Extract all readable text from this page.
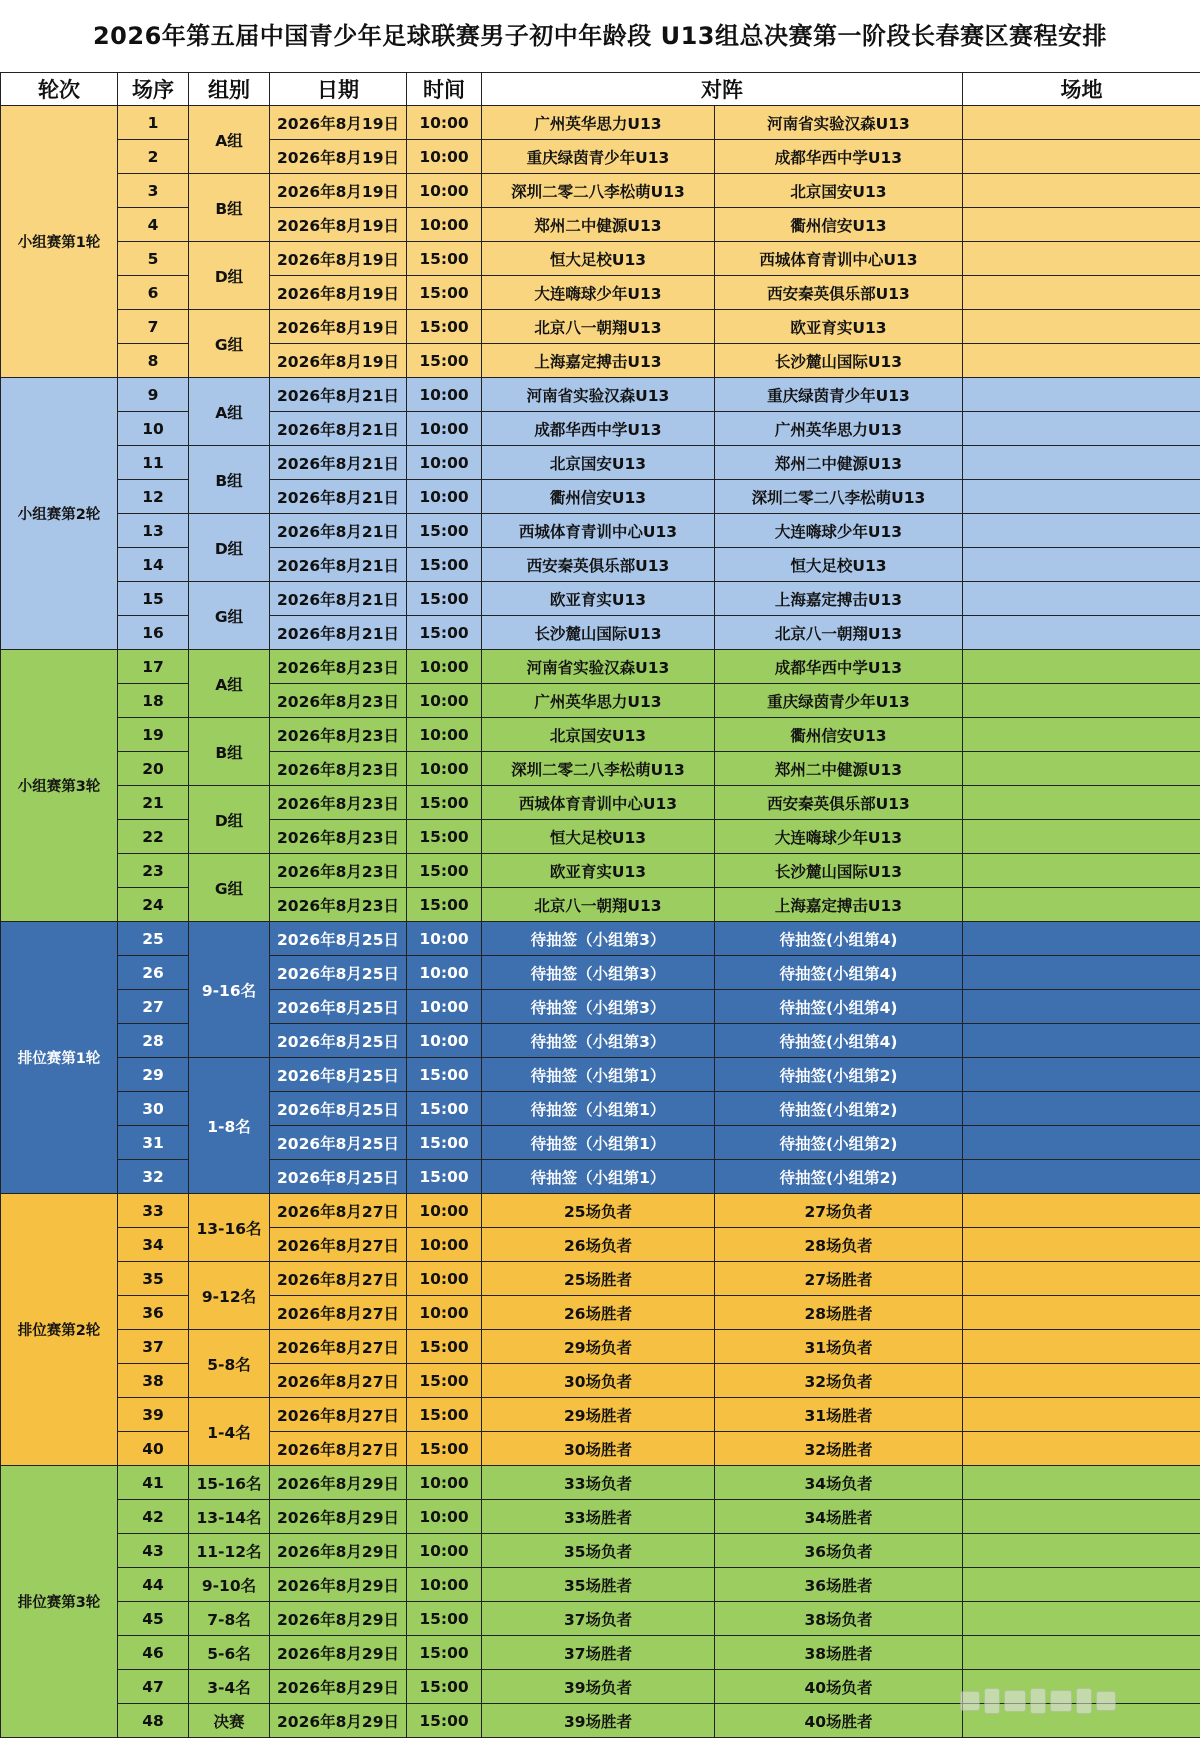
2026年第五届中国青少年足球联赛男子初中年龄段 U13组总决赛第一阶段长春赛区赛程安排
轮次	场序	组别	日期	时间	对阵		场地
小组赛第1轮	1	A组	2026年8月19日	10:00	广州英华思力U13	河南省实验汉森U13	
	2		2026年8月19日	10:00	重庆绿茵青少年U13	成都华西中学U13	
	3	B组	2026年8月19日	10:00	深圳二零二八李松萌U13	北京国安U13	
	4		2026年8月19日	10:00	郑州二中健源U13	衢州信安U13	
	5	D组	2026年8月19日	15:00	恒大足校U13	西城体育青训中心U13	
	6		2026年8月19日	15:00	大连嗨球少年U13	西安秦英俱乐部U13	
	7	G组	2026年8月19日	15:00	北京八一朝翔U13	欧亚育实U13	
	8		2026年8月19日	15:00	上海嘉定搏击U13	长沙麓山国际U13	
小组赛第2轮	9	A组	2026年8月21日	10:00	河南省实验汉森U13	重庆绿茵青少年U13	
	10		2026年8月21日	10:00	成都华西中学U13	广州英华思力U13	
	11	B组	2026年8月21日	10:00	北京国安U13	郑州二中健源U13	
	12		2026年8月21日	10:00	衢州信安U13	深圳二零二八李松萌U13	
	13	D组	2026年8月21日	15:00	西城体育青训中心U13	大连嗨球少年U13	
	14		2026年8月21日	15:00	西安秦英俱乐部U13	恒大足校U13	
	15	G组	2026年8月21日	15:00	欧亚育实U13	上海嘉定搏击U13	
	16		2026年8月21日	15:00	长沙麓山国际U13	北京八一朝翔U13	
小组赛第3轮	17	A组	2026年8月23日	10:00	河南省实验汉森U13	成都华西中学U13	
	18		2026年8月23日	10:00	广州英华思力U13	重庆绿茵青少年U13	
	19	B组	2026年8月23日	10:00	北京国安U13	衢州信安U13	
	20		2026年8月23日	10:00	深圳二零二八李松萌U13	郑州二中健源U13	
	21	D组	2026年8月23日	15:00	西城体育青训中心U13	西安秦英俱乐部U13	
	22		2026年8月23日	15:00	恒大足校U13	大连嗨球少年U13	
	23	G组	2026年8月23日	15:00	欧亚育实U13	长沙麓山国际U13	
	24		2026年8月23日	15:00	北京八一朝翔U13	上海嘉定搏击U13	
排位赛第1轮	25	9-16名	2026年8月25日	10:00	待抽签（小组第3）	待抽签(小组第4)	
	26		2026年8月25日	10:00	待抽签（小组第3）	待抽签(小组第4)	
	27		2026年8月25日	10:00	待抽签（小组第3）	待抽签(小组第4)	
	28		2026年8月25日	10:00	待抽签（小组第3）	待抽签(小组第4)	
	29	1-8名	2026年8月25日	15:00	待抽签（小组第1）	待抽签(小组第2)	
	30		2026年8月25日	15:00	待抽签（小组第1）	待抽签(小组第2)	
	31		2026年8月25日	15:00	待抽签（小组第1）	待抽签(小组第2)	
	32		2026年8月25日	15:00	待抽签（小组第1）	待抽签(小组第2)	
排位赛第2轮	33	13-16名	2026年8月27日	10:00	25场负者	27场负者	
	34		2026年8月27日	10:00	26场负者	28场负者	
	35	9-12名	2026年8月27日	10:00	25场胜者	27场胜者	
	36		2026年8月27日	10:00	26场胜者	28场胜者	
	37	5-8名	2026年8月27日	15:00	29场负者	31场负者	
	38		2026年8月27日	15:00	30场负者	32场负者	
	39	1-4名	2026年8月27日	15:00	29场胜者	31场胜者	
	40		2026年8月27日	15:00	30场胜者	32场胜者	
排位赛第3轮	41	15-16名	2026年8月29日	10:00	33场负者	34场负者	
	42	13-14名	2026年8月29日	10:00	33场胜者	34场胜者	
	43	11-12名	2026年8月29日	10:00	35场负者	36场负者	
	44	9-10名	2026年8月29日	10:00	35场胜者	36场胜者	
	45	7-8名	2026年8月29日	15:00	37场负者	38场负者	
	46	5-6名	2026年8月29日	15:00	37场胜者	38场胜者	
	47	3-4名	2026年8月29日	15:00	39场负者	40场负者	
	48	决赛	2026年8月29日	15:00	39场胜者	40场胜者	
